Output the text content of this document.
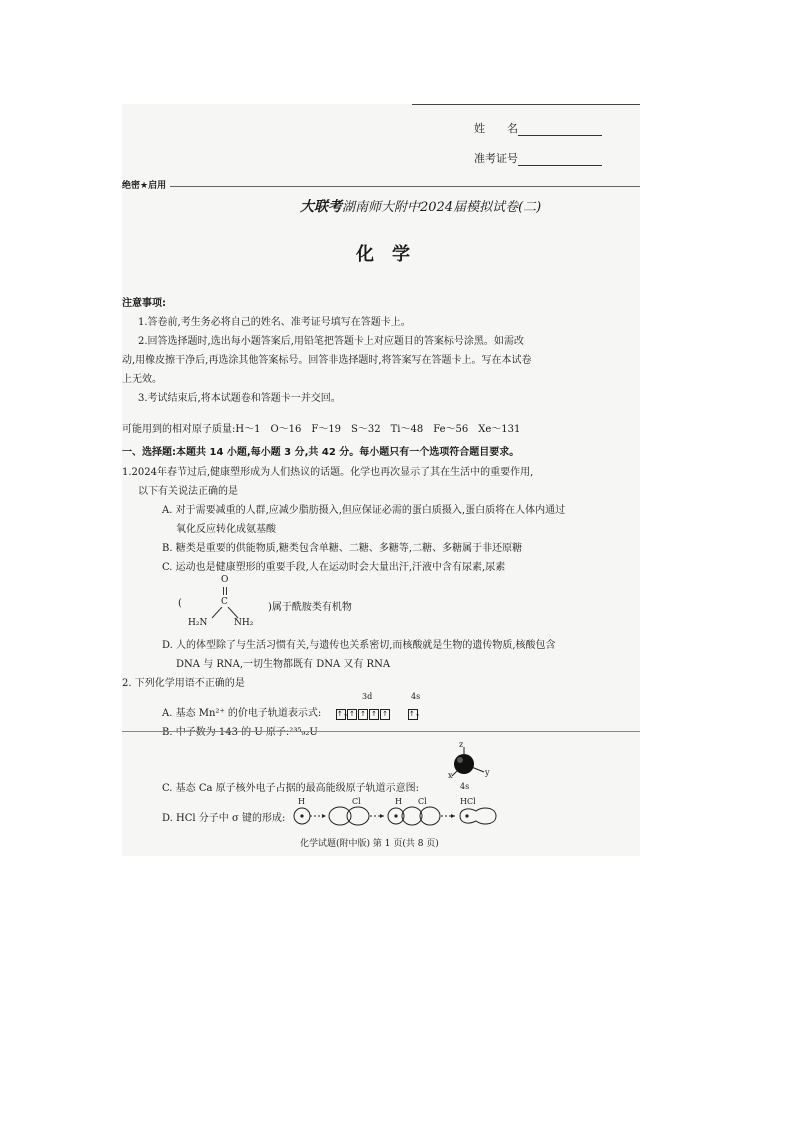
姓　　名
准考证号
绝密★启用
大联考湖南师大附中2024届模拟试卷(二)
化　学
注意事项:
1.答卷前,考生务必将自己的姓名、准考证号填写在答题卡上。
2.回答选择题时,选出每小题答案后,用铅笔把答题卡上对应题目的答案标号涂黑。如需改
动,用橡皮擦干净后,再选涂其他答案标号。回答非选择题时,将答案写在答题卡上。写在本试卷
上无效。
3.考试结束后,将本试题卷和答题卡一并交回。
可能用到的相对原子质量:H～1　O～16　F～19　S～32　Ti～48　Fe～56　Xe～131
一、选择题:本题共 14 小题,每小题 3 分,共 42 分。每小题只有一个选项符合题目要求。
1.2024年春节过后,健康塑形成为人们热议的话题。化学也再次显示了其在生活中的重要作用,
以下有关说法正确的是
A. 对于需要减重的人群,应减少脂肪摄入,但应保证必需的蛋白质摄入,蛋白质将在人体内通过
氧化反应转化成氨基酸
B. 糖类是重要的供能物质,糖类包含单糖、二糖、多糖等,二糖、多糖属于非还原糖
C. 运动也是健康塑形的重要手段,人在运动时会大量出汗,汗液中含有尿素,尿素
O
(	C	)属于酰胺类有机物
H₂N	NH₂
D. 人的体型除了与生活习惯有关,与遗传也关系密切,而核酸就是生物的遗传物质,核酸包含
DNA 与 RNA,一切生物都既有 DNA 又有 RNA
2. 下列化学用语不正确的是
3d	4s
A. 基态 Mn²⁺ 的价电子轨道表示式: ↑↓↑ ↑ ↑ ↑	↑↓
B. 中子数为 143 的 U 原子:²³⁵₉₂U
z
y
x
4s
C. 基态 Ca 原子核外电子占据的最高能级原子轨道示意图:
D. HCl 分子中 σ 键的形成:
H	Cl	H Cl	HCl
化学试题(附中版) 第 1 页(共 8 页)
